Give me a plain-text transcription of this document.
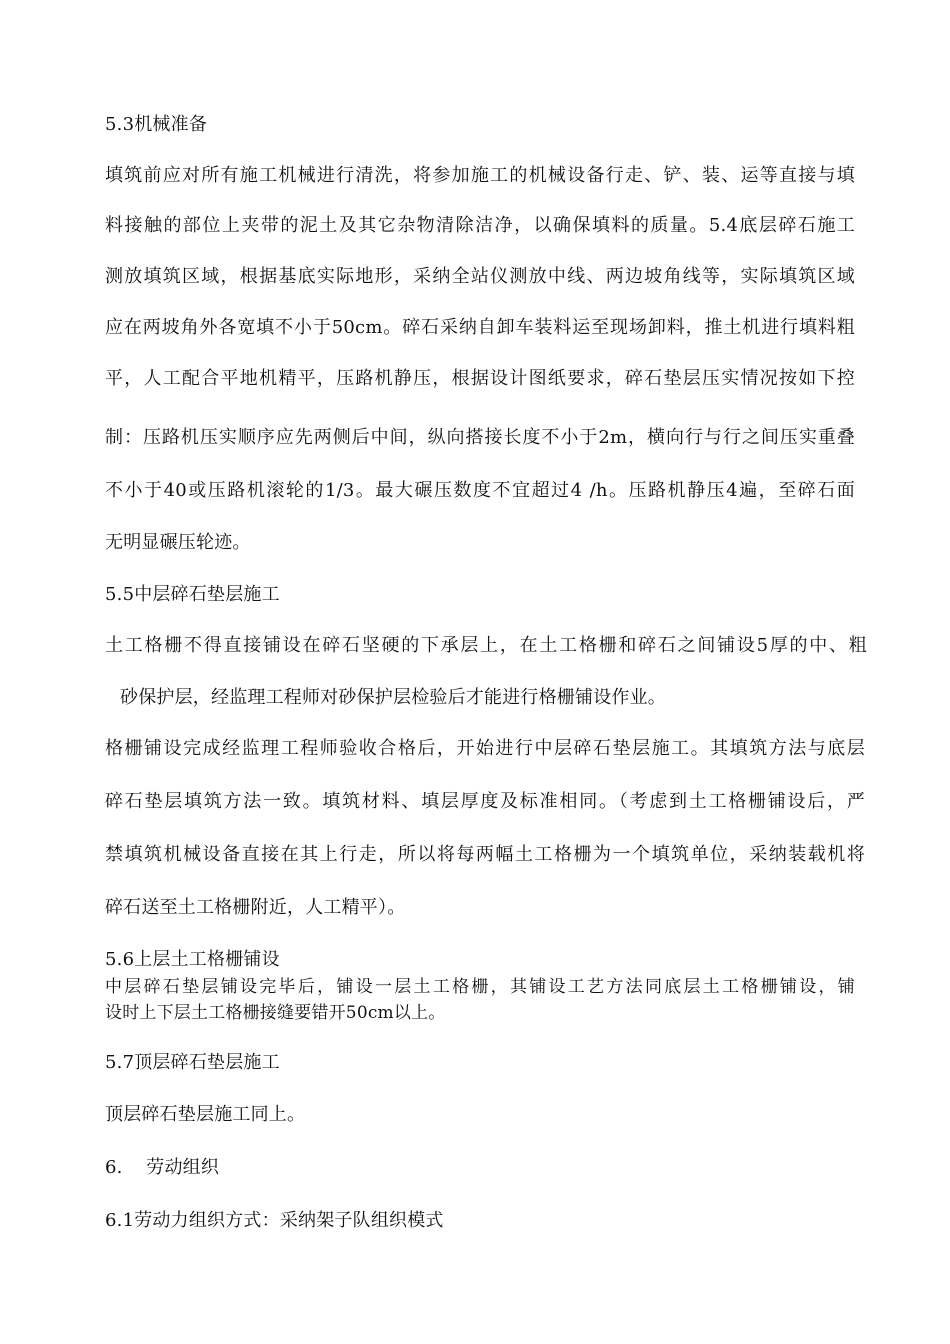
5.3机械准备
填筑前应对所有施工机械进行清洗，将参加施工的机械设备行走、铲、装、运等直接与填
料接触的部位上夹带的泥土及其它杂物清除洁净，以确保填料的质量。5.4底层碎石施工
测放填筑区域，根据基底实际地形，采纳全站仪测放中线、两边坡角线等，实际填筑区域
应在两坡角外各宽填不小于50cm。碎石采纳自卸车装料运至现场卸料，推土机进行填料粗
平，人工配合平地机精平，压路机静压，根据设计图纸要求，碎石垫层压实情况按如下控
制：压路机压实顺序应先两侧后中间，纵向搭接长度不小于2m，横向行与行之间压实重叠
不小于40或压路机滚轮的1/3。最大碾压数度不宜超过4 /h。压路机静压4遍，至碎石面
无明显碾压轮迹。
5.5中层碎石垫层施工
土工格栅不得直接铺设在碎石坚硬的下承层上，在土工格栅和碎石之间铺设5厚的中、粗
砂保护层，经监理工程师对砂保护层检验后才能进行格栅铺设作业。
格栅铺设完成经监理工程师验收合格后，开始进行中层碎石垫层施工。其填筑方法与底层
碎石垫层填筑方法一致。填筑材料、填层厚度及标准相同。（考虑到土工格栅铺设后，严
禁填筑机械设备直接在其上行走，所以将每两幅土工格栅为一个填筑单位，采纳装载机将
碎石送至土工格栅附近，人工精平）。
5.6上层土工格栅铺设
中层碎石垫层铺设完毕后，铺设一层土工格栅，其铺设工艺方法同底层土工格栅铺设，铺
设时上下层土工格栅接缝要错开50cm以上。
5.7顶层碎石垫层施工
顶层碎石垫层施工同上。
6.    劳动组织
6.1劳动力组织方式：采纳架子队组织模式
